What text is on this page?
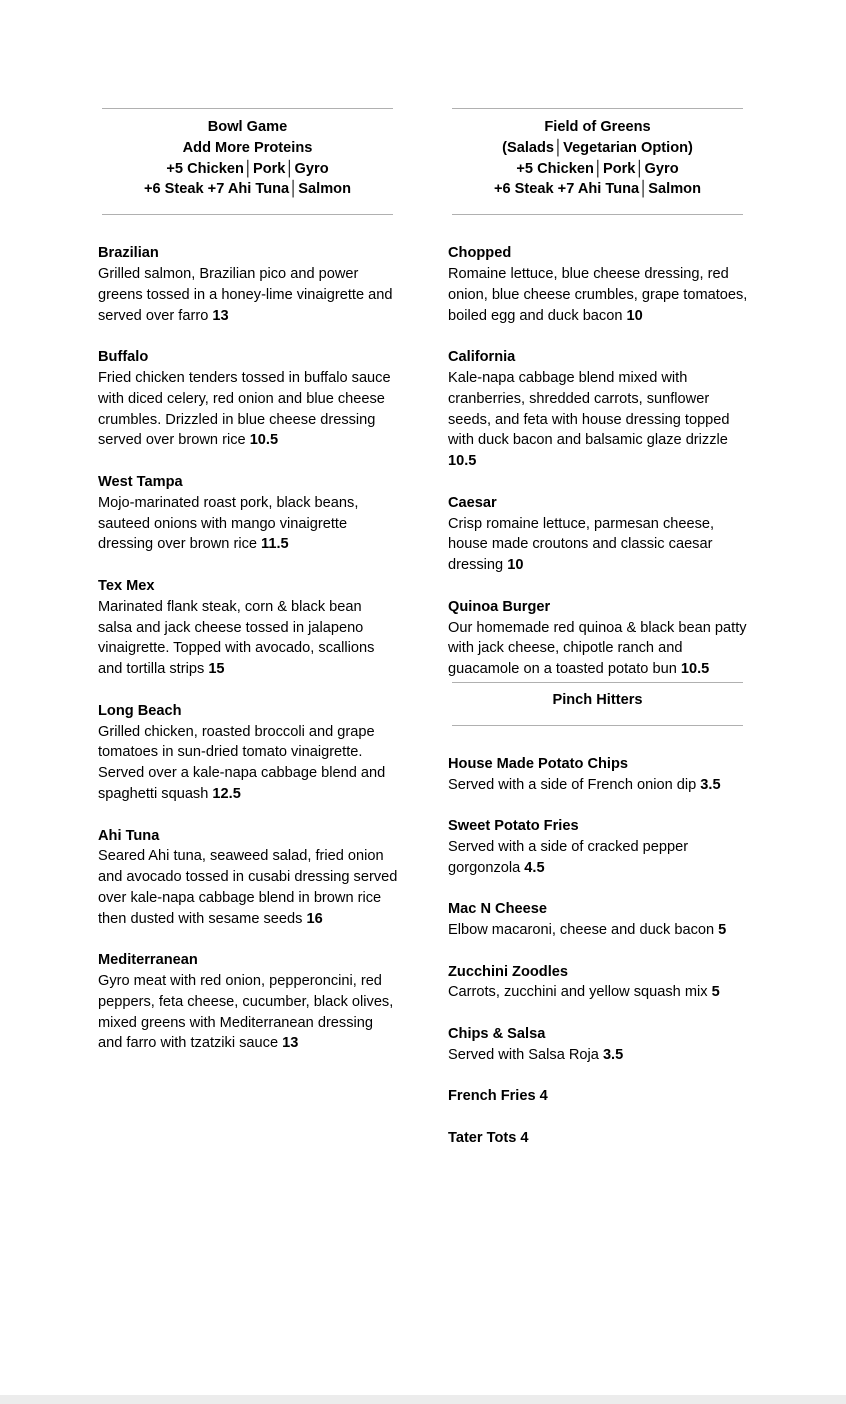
Bowl Game
Add More Proteins
+5 Chicken│Pork│Gyro
+6 Steak +7 Ahi Tuna│Salmon
Brazilian
Grilled salmon, Brazilian pico and power greens tossed in a honey-lime vinaigrette and served over farro 13
Buffalo
Fried chicken tenders tossed in buffalo sauce with diced celery, red onion and blue cheese crumbles. Drizzled in blue cheese dressing served over brown rice 10.5
West Tampa
Mojo-marinated roast pork, black beans, sauteed onions with mango vinaigrette dressing over brown rice 11.5
Tex Mex
Marinated flank steak, corn & black bean salsa and jack cheese tossed in jalapeno vinaigrette. Topped with avocado, scallions and tortilla strips 15
Long Beach
Grilled chicken, roasted broccoli and grape tomatoes in sun-dried tomato vinaigrette. Served over a kale-napa cabbage blend and spaghetti squash 12.5
Ahi Tuna
Seared Ahi tuna, seaweed salad, fried onion and avocado tossed in cusabi dressing served over kale-napa cabbage blend in brown rice then dusted with sesame seeds 16
Mediterranean
Gyro meat with red onion, pepperoncini, red peppers, feta cheese, cucumber, black olives, mixed greens with Mediterranean dressing and farro with tzatziki sauce 13
Field of Greens
(Salads│Vegetarian Option)
+5 Chicken│Pork│Gyro
+6 Steak +7 Ahi Tuna│Salmon
Chopped
Romaine lettuce, blue cheese dressing, red onion, blue cheese crumbles, grape tomatoes, boiled egg and duck bacon 10
California
Kale-napa cabbage blend mixed with cranberries, shredded carrots, sunflower seeds, and feta with house dressing topped with duck bacon and balsamic glaze drizzle 10.5
Caesar
Crisp romaine lettuce, parmesan cheese, house made croutons and classic caesar dressing 10
Quinoa Burger
Our homemade red quinoa & black bean patty with jack cheese, chipotle ranch and guacamole on a toasted potato bun 10.5
Pinch Hitters
House Made Potato Chips
Served with a side of French onion dip 3.5
Sweet Potato Fries
Served with a side of cracked pepper gorgonzola 4.5
Mac N Cheese
Elbow macaroni, cheese and duck bacon 5
Zucchini Zoodles
Carrots, zucchini and yellow squash mix 5
Chips & Salsa
Served with Salsa Roja 3.5
French Fries 4
Tater Tots 4
